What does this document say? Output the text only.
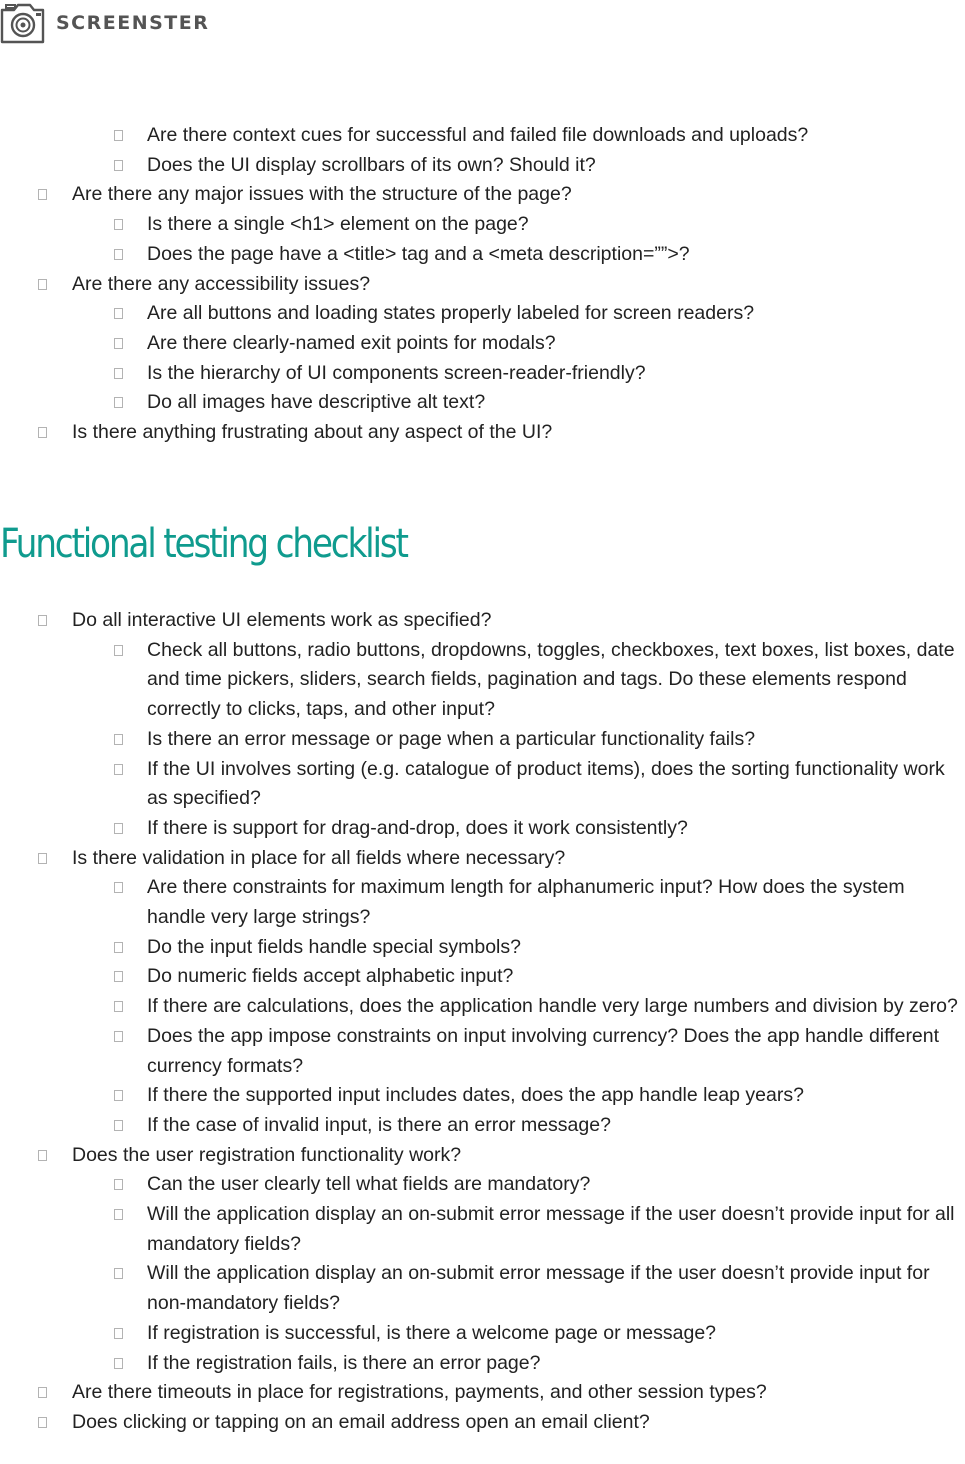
SCREENSTER
Are there context cues for successful and failed file downloads and uploads?
Does the UI display scrollbars of its own? Should it?
Are there any major issues with the structure of the page?
Is there a single <h1> element on the page?
Does the page have a <title> tag and a <meta description=””>?
Are there any accessibility issues?
Are all buttons and loading states properly labeled for screen readers?
Are there clearly-named exit points for modals?
Is the hierarchy of UI components screen-reader-friendly?
Do all images have descriptive alt text?
Is there anything frustrating about any aspect of the UI?
Functional testing checklist
Do all interactive UI elements work as specified?
Check all buttons, radio buttons, dropdowns, toggles, checkboxes, text boxes, list boxes, date and time pickers, sliders, search fields, pagination and tags. Do these elements respond correctly to clicks, taps, and other input?
Is there an error message or page when a particular functionality fails?
If the UI involves sorting (e.g. catalogue of product items), does the sorting functionality work as specified?
If there is support for drag-and-drop, does it work consistently?
Is there validation in place for all fields where necessary?
Are there constraints for maximum length for alphanumeric input? How does the system handle very large strings?
Do the input fields handle special symbols?
Do numeric fields accept alphabetic input?
If there are calculations, does the application handle very large numbers and division by zero?
Does the app impose constraints on input involving currency? Does the app handle different currency formats?
If there the supported input includes dates, does the app handle leap years?
If the case of invalid input, is there an error message?
Does the user registration functionality work?
Can the user clearly tell what fields are mandatory?
Will the application display an on-submit error message if the user doesn’t provide input for all mandatory fields?
Will the application display an on-submit error message if the user doesn’t provide input for non-mandatory fields?
If registration is successful, is there a welcome page or message?
If the registration fails, is there an error page?
Are there timeouts in place for registrations, payments, and other session types?
Does clicking or tapping on an email address open an email client?
